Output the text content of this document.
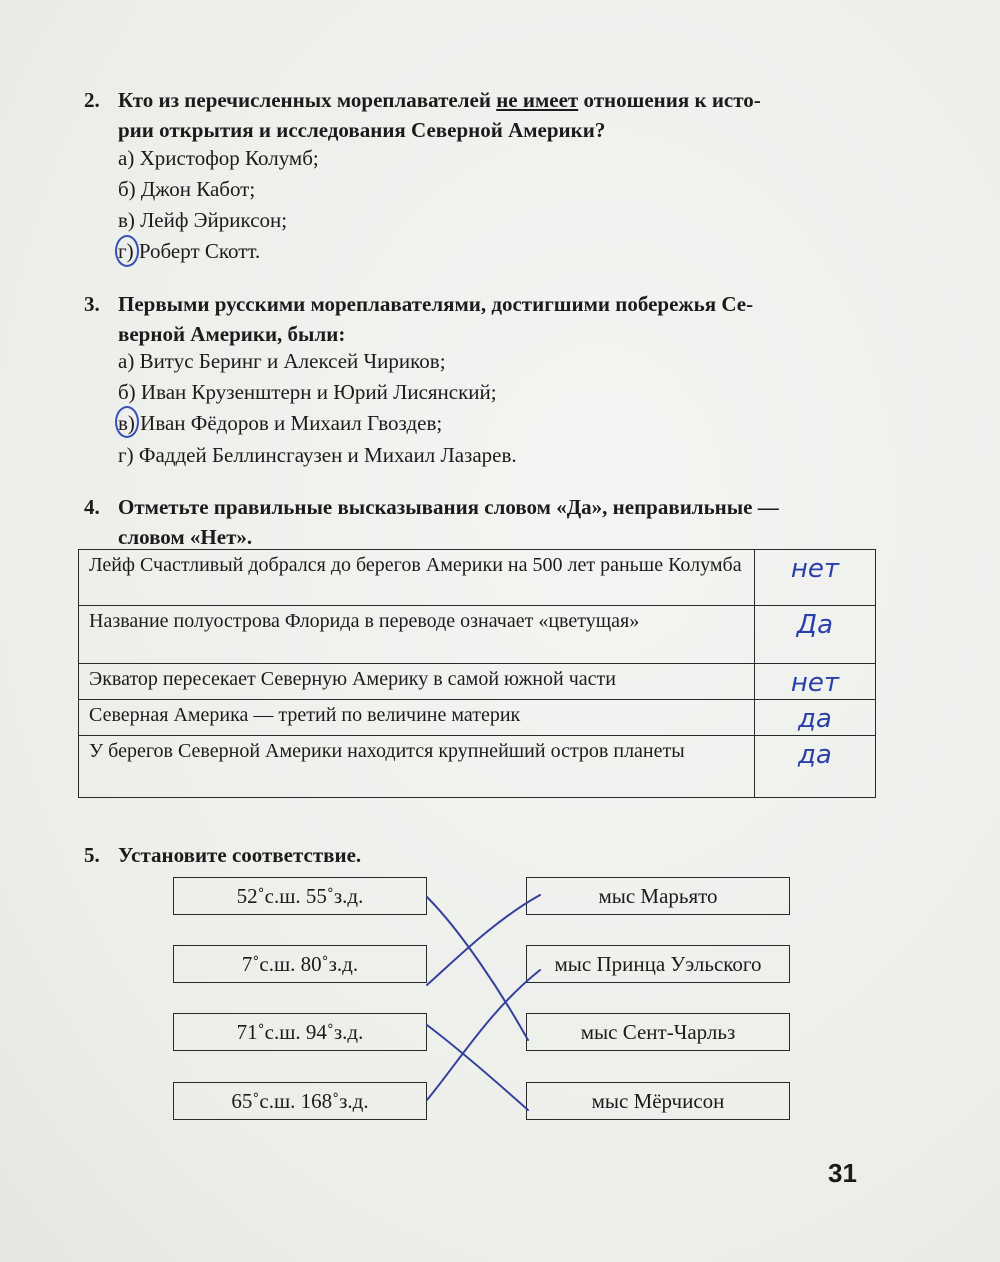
2. Кто из перечисленных мореплавателей не имеет отношения к исто-
рии открытия и исследования Северной Америки?
а) Христофор Колумб;
б) Джон Кабот;
в) Лейф Эйриксон;
г) Роберт Скотт.
3. Первыми русскими мореплавателями, достигшими побережья Се-
верной Америки, были:
а) Витус Беринг и Алексей Чириков;
б) Иван Крузенштерн и Юрий Лисянский;
в) Иван Фёдоров и Михаил Гвоздев;
г) Фаддей Беллинсгаузен и Михаил Лазарев.
4. Отметьте правильные высказывания словом «Да», неправильные —
словом «Нет».
Лейф Счастливый добрался до берегов Америки на 500 лет раньше Колумба	нет
Название полуострова Флорида в переводе означает «цветущая»	Да
Экватор пересекает Северную Америку в самой южной части	нет
Северная Америка — третий по величине материк	да
У берегов Северной Америки находится крупнейший остров планеты	да
5. Установите соответствие.
52˚с.ш. 55˚з.д.
7˚с.ш. 80˚з.д.
71˚с.ш. 94˚з.д.
65˚с.ш. 168˚з.д.
мыс Марьято
мыс Принца Уэльского
мыс Сент-Чарльз
мыс Мёрчисон
31
